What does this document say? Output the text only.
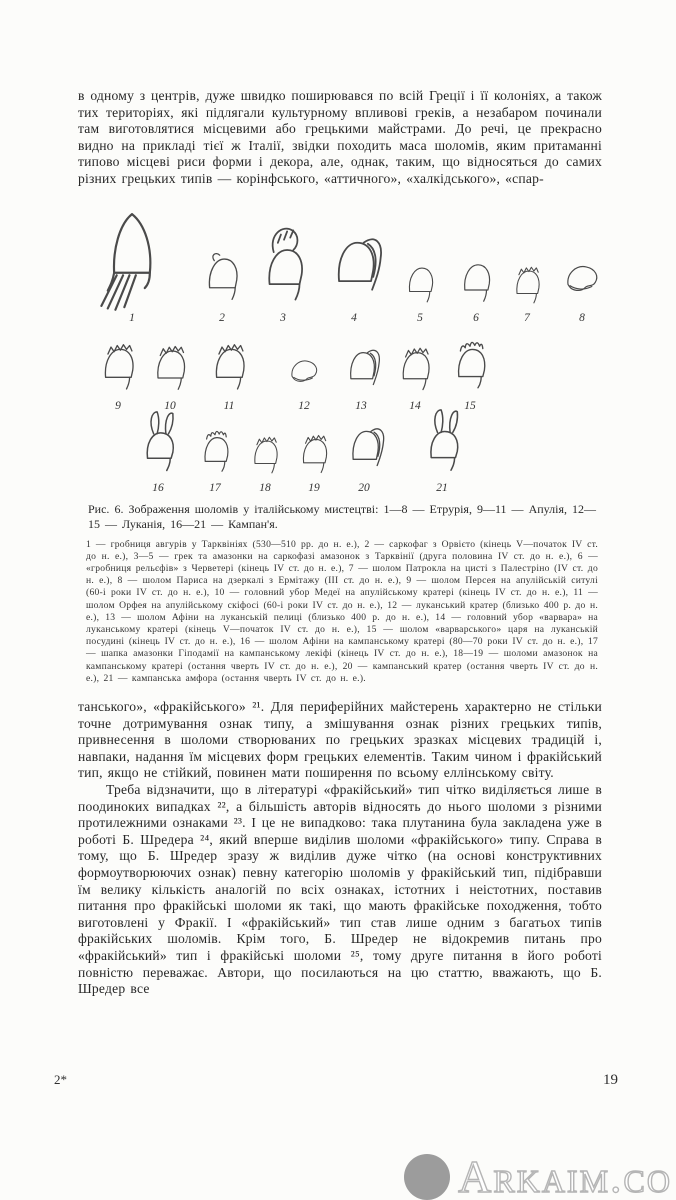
в одному з центрів, дуже швидко поширювався по всій Греції і її колоніях, а також тих територіях, які підлягали культурному впливові греків, а незабаром починали там виготовлятися місцевими або грецькими майстрами. До речі, це прекрасно видно на прикладі тієї ж Італії, звідки походить маса шоломів, яким притаманні типово місцеві риси форми і декора, але, однак, таким, що відносяться до самих різних грецьких типів — корінфського, «аттичного», «халкідського», «спар-

1	2	3	4	5	6	7	8
9	10	11	12	13	14	15
16	17	18	19	20	21

Рис. 6. Зображення шоломів у італійському мистецтві: 1—8 — Етрурія, 9—11 — Апулія, 12—15 — Луканія, 16—21 — Кампан'я.

1 — гробниця авгурів у Тарквініях (530—510 рр. до н. е.), 2 — саркофаг з Орвієто (кінець V—початок IV ст. до н. е.), 3—5 — грек та амазонки на саркофазі амазонок з Тарквінії (друга половина IV ст. до н. е.), 6 — «гробниця рельєфів» з Черветері (кінець IV ст. до н. е.), 7 — шолом Патрокла на цисті з Палестріно (IV ст. до н. е.), 8 — шолом Париса на дзеркалі з Ермітажу (III ст. до н. е.), 9 — шолом Персея на апулійській ситулі (60-і роки IV ст. до н. е.), 10 — головний убор Медеї на апулійському кратері (кінець IV ст. до н. е.), 11 — шолом Орфея на апулійському скіфосі (60-і роки IV ст. до н. е.), 12 — луканський кратер (близько 400 р. до н. е.), 13 — шолом Афіни на луканській пелиці (близько 400 р. до н. е.), 14 — головний убор «варвара» на луканському кратері (кінець V—початок IV ст. до н. е.), 15 — шолом «варварського» царя на луканській посудині (кінець IV ст. до н. е.), 16 — шолом Афіни на кампанському кратері (80—70 роки IV ст. до н. е.), 17 — шапка амазонки Гіподамії на кампанському лекіфі (кінець IV ст. до н. е.), 18—19 — шоломи амазонок на кампанському кратері (остання чверть IV ст. до н. е.), 20 — кампанський кратер (остання чверть IV ст. до н. е.), 21 — кампанська амфора (остання чверть IV ст. до н. е.).

танського», «фракійського» ²¹. Для периферійних майстерень характерно не стільки точне дотримування ознак типу, а змішування ознак різних грецьких типів, привнесення в шоломи створюваних по грецьких зразках місцевих традицій і, навпаки, надання їм місцевих форм грецьких елементів. Таким чином і фракійський тип, якщо не стійкий, повинен мати поширення по всьому еллінському світу.

Треба відзначити, що в літературі «фракійський» тип чітко виділяється лише в поодиноких випадках ²², а більшість авторів відносять до нього шоломи з різними протилежними ознаками ²³. І це не випадково: така плутанина була закладена уже в роботі Б. Шредера ²⁴, який вперше виділив шоломи «фракійського» типу. Справа в тому, що Б. Шредер зразу ж виділив дуже чітко (на основі конструктивних формоутворюючих ознак) певну категорію шоломів у фракійський тип, підібравши їм велику кількість аналогій по всіх ознаках, істотних і неістотних, поставив питання про фракійські шоломи як такі, що мають фракійське походження, тобто виготовлені у Фракії. І «фракійський» тип став лише одним з багатьох типів фракійських шоломів. Крім того, Б. Шредер не відокремив питань про «фракійський» тип і фракійські шоломи ²⁵, тому друге питання в його роботі повністю переважає. Автори, що посилаються на цю статтю, вважають, що Б. Шредер все

2*	19
Arkaim.co
